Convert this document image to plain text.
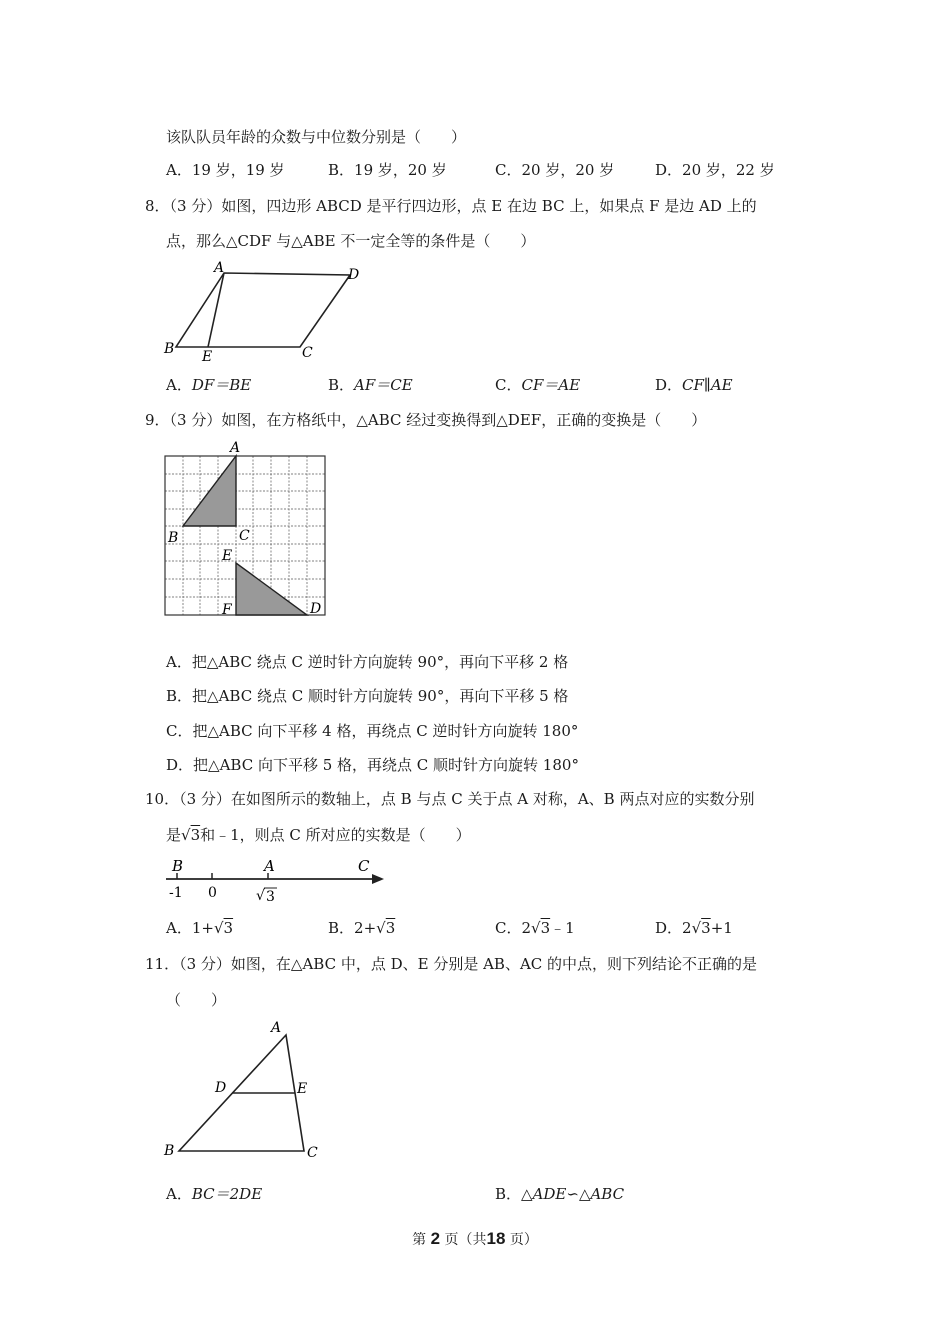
该队队员年龄的众数与中位数分别是（　　）
A．19 岁，19 岁	B．19 岁，20 岁	C．20 岁，20 岁	D．20 岁，22 岁
8．（3 分）如图，四边形 ABCD 是平行四边形，点 E 在边 BC 上，如果点 F 是边 AD 上的
点，那么△CDF 与△ABE 不一定全等的条件是（　　）
A	D
B E	C
A．DF＝BE	B．AF＝CE	C．CF＝AE	D．CF∥AE
9．（3 分）如图，在方格纸中，△ABC 经过变换得到△DEF，正确的变换是（　　）
A
B	C
E
F	D
A．把△ABC 绕点 C 逆时针方向旋转 90°，再向下平移 2 格
B．把△ABC 绕点 C 顺时针方向旋转 90°，再向下平移 5 格
C．把△ABC 向下平移 4 格，再绕点 C 逆时针方向旋转 180°
D．把△ABC 向下平移 5 格，再绕点 C 顺时针方向旋转 180°
10．（3 分）在如图所示的数轴上，点 B 与点 C 关于点 A 对称，A、B 两点对应的实数分别
是√3和﹣1，则点 C 所对应的实数是（　　）
B	A	C
-1 0	√ 3
A．1+√3	B．2+√3	C．2√3﹣1	D．2√3+1
11．（3 分）如图，在△ABC 中，点 D、E 分别是 AB、AC 的中点，则下列结论不正确的是
（　　）
A
D	E
B	C
A．BC＝2DE	B．△ADE∽△ABC
第 2 页（共18 页）
